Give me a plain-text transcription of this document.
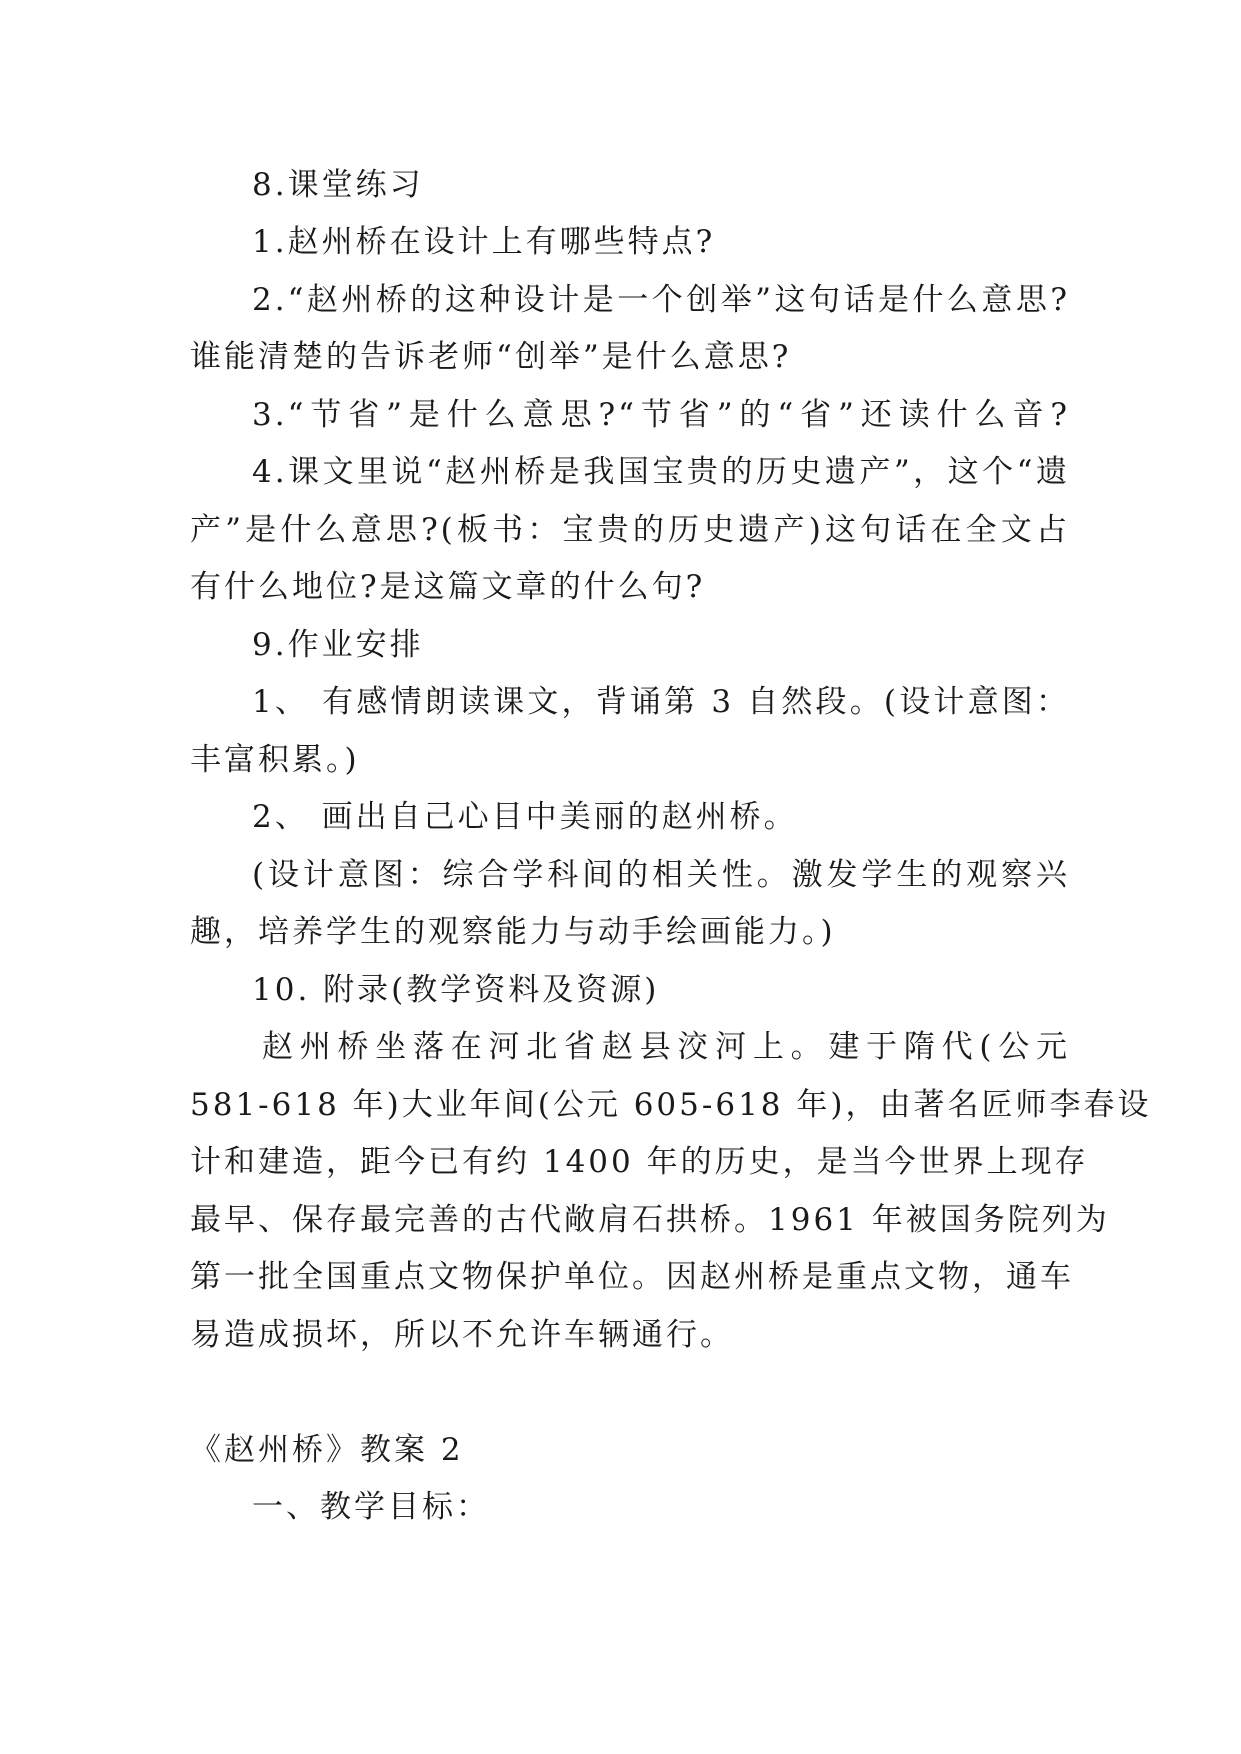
8.课堂练习
1.赵州桥在设计上有哪些特点?
2.“赵州桥的这种设计是一个创举”这句话是什么意思?
谁能清楚的告诉老师“创举”是什么意思?
3.“节省”是什么意思?“节省”的“省”还读什么音?
4.课文里说“赵州桥是我国宝贵的历史遗产”，这个“遗
产”是什么意思?(板书：宝贵的历史遗产)这句话在全文占
有什么地位?是这篇文章的什么句?
9.作业安排
1、 有感情朗读课文，背诵第 3 自然段。(设计意图：
丰富积累。)
2、 画出自己心目中美丽的赵州桥。
(设计意图：综合学科间的相关性。激发学生的观察兴
趣，培养学生的观察能力与动手绘画能力。)
10. 附录(教学资料及资源)
赵州桥坐落在河北省赵县洨河上。建于隋代(公元
581-618 年)大业年间(公元 605-618 年)，由著名匠师李春设
计和建造，距今已有约 1400 年的历史，是当今世界上现存
最早、保存最完善的古代敞肩石拱桥。1961 年被国务院列为
第一批全国重点文物保护单位。因赵州桥是重点文物，通车
易造成损坏，所以不允许车辆通行。
《赵州桥》教案 2
一、教学目标：
